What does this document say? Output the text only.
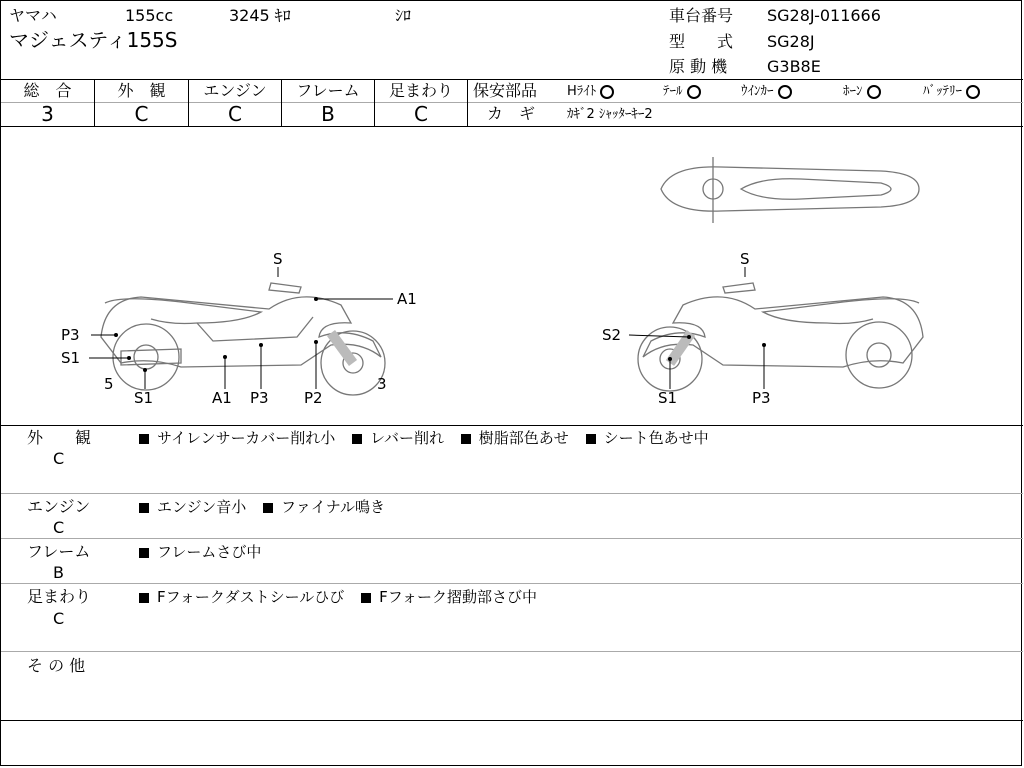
ヤマハ	155cc	3245 ｷﾛ	ｼﾛ
マジェスティ155S
車台番号 SG28J-011666
型　　式 SG28J
原 動 機 G3B8E
総　合	外　観	エンジン	フレーム	足まわり
3	C	C	B	C
保安部品 Hﾗｲﾄ	ﾃｰﾙ	ｳｲﾝｶｰ	ﾎｰﾝ	ﾊﾞｯﾃﾘｰ
カ　ギ ｶｷﾞ2 ｼｬｯﾀｰｷｰ2
S
A1
P3
S1
5
S1	A1 P3 P2
3
S
S2
S1	P3
外　　観
C
サイレンサーカバー削れ小 レバー削れ 樹脂部色あせ シート色あせ中
エンジン
C
エンジン音小 ファイナル鳴き
フレーム
B
フレームさび中
足まわり
C
Fフォークダストシールひび Fフォーク摺動部さび中
そ の 他
